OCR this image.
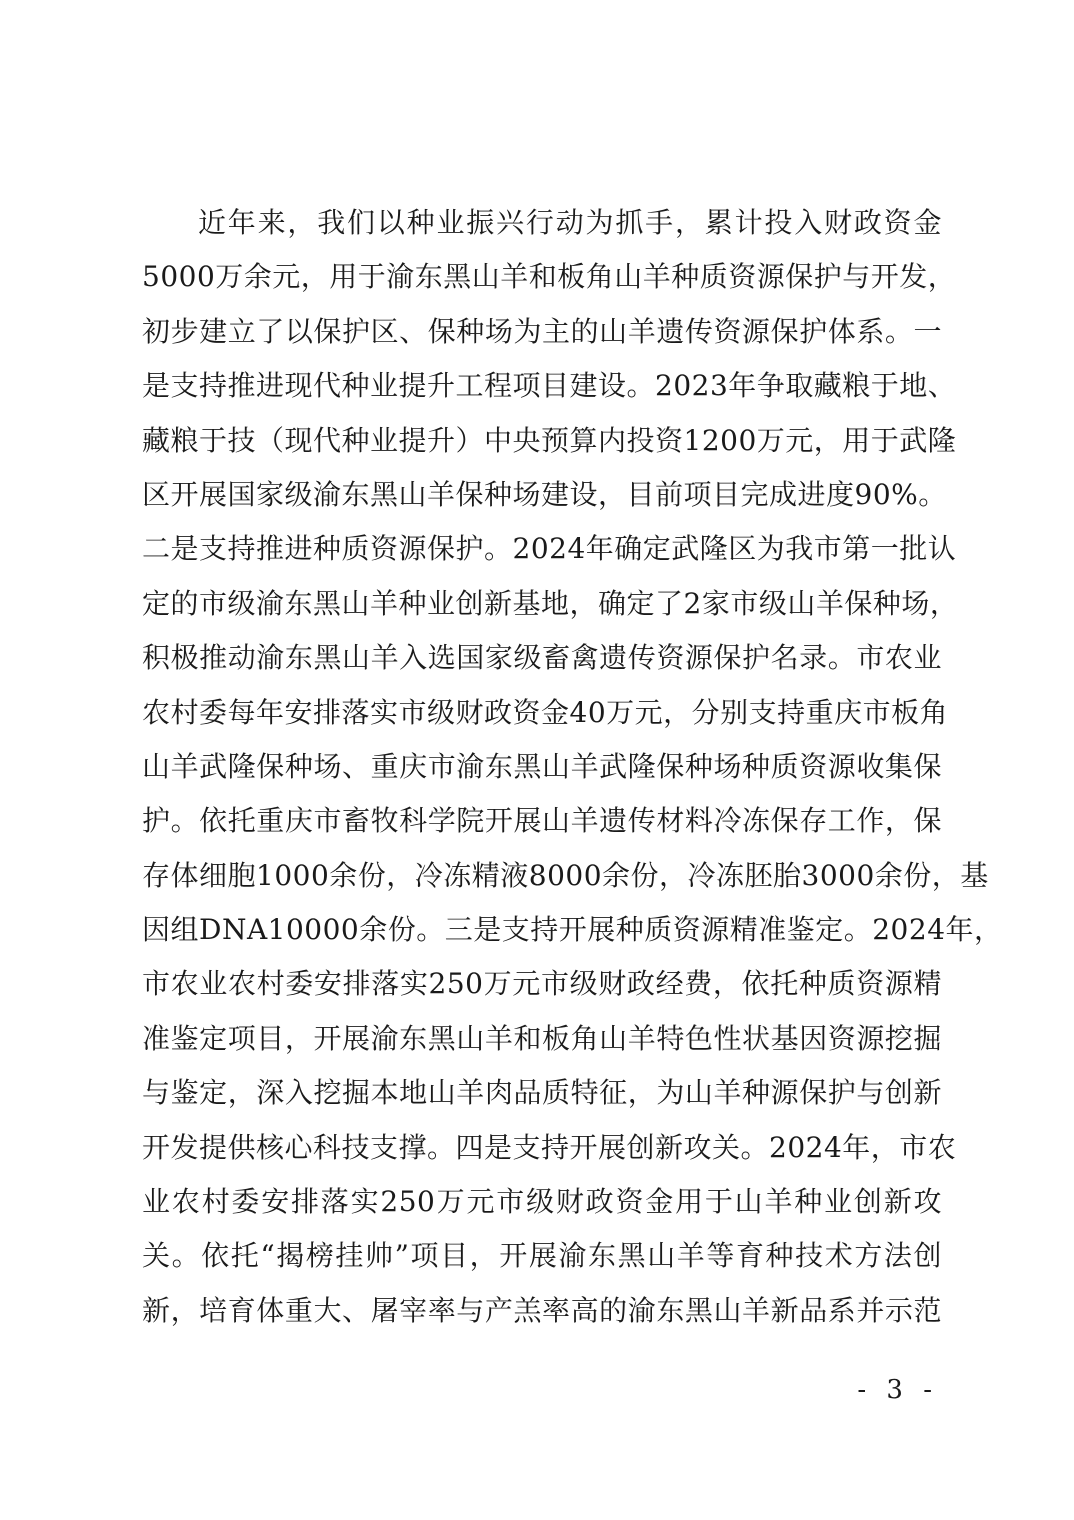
近年来，我们以种业振兴行动为抓手，累计投入财政资金
5000万余元，用于渝东黑山羊和板角山羊种质资源保护与开发，
初步建立了以保护区、保种场为主的山羊遗传资源保护体系。一
是支持推进现代种业提升工程项目建设。2023年争取藏粮于地、
藏粮于技（现代种业提升）中央预算内投资1200万元，用于武隆
区开展国家级渝东黑山羊保种场建设，目前项目完成进度90%。
二是支持推进种质资源保护。2024年确定武隆区为我市第一批认
定的市级渝东黑山羊种业创新基地，确定了2家市级山羊保种场，
积极推动渝东黑山羊入选国家级畜禽遗传资源保护名录。市农业
农村委每年安排落实市级财政资金40万元，分别支持重庆市板角
山羊武隆保种场、重庆市渝东黑山羊武隆保种场种质资源收集保
护。依托重庆市畜牧科学院开展山羊遗传材料冷冻保存工作，保
存体细胞1000余份，冷冻精液8000余份，冷冻胚胎3000余份，基
因组DNA10000余份。三是支持开展种质资源精准鉴定。2024年，
市农业农村委安排落实250万元市级财政经费，依托种质资源精
准鉴定项目，开展渝东黑山羊和板角山羊特色性状基因资源挖掘
与鉴定，深入挖掘本地山羊肉品质特征，为山羊种源保护与创新
开发提供核心科技支撑。四是支持开展创新攻关。2024年，市农
业农村委安排落实250万元市级财政资金用于山羊种业创新攻
关。依托“揭榜挂帅”项目，开展渝东黑山羊等育种技术方法创
新，培育体重大、屠宰率与产羔率高的渝东黑山羊新品系并示范
- 3 -
